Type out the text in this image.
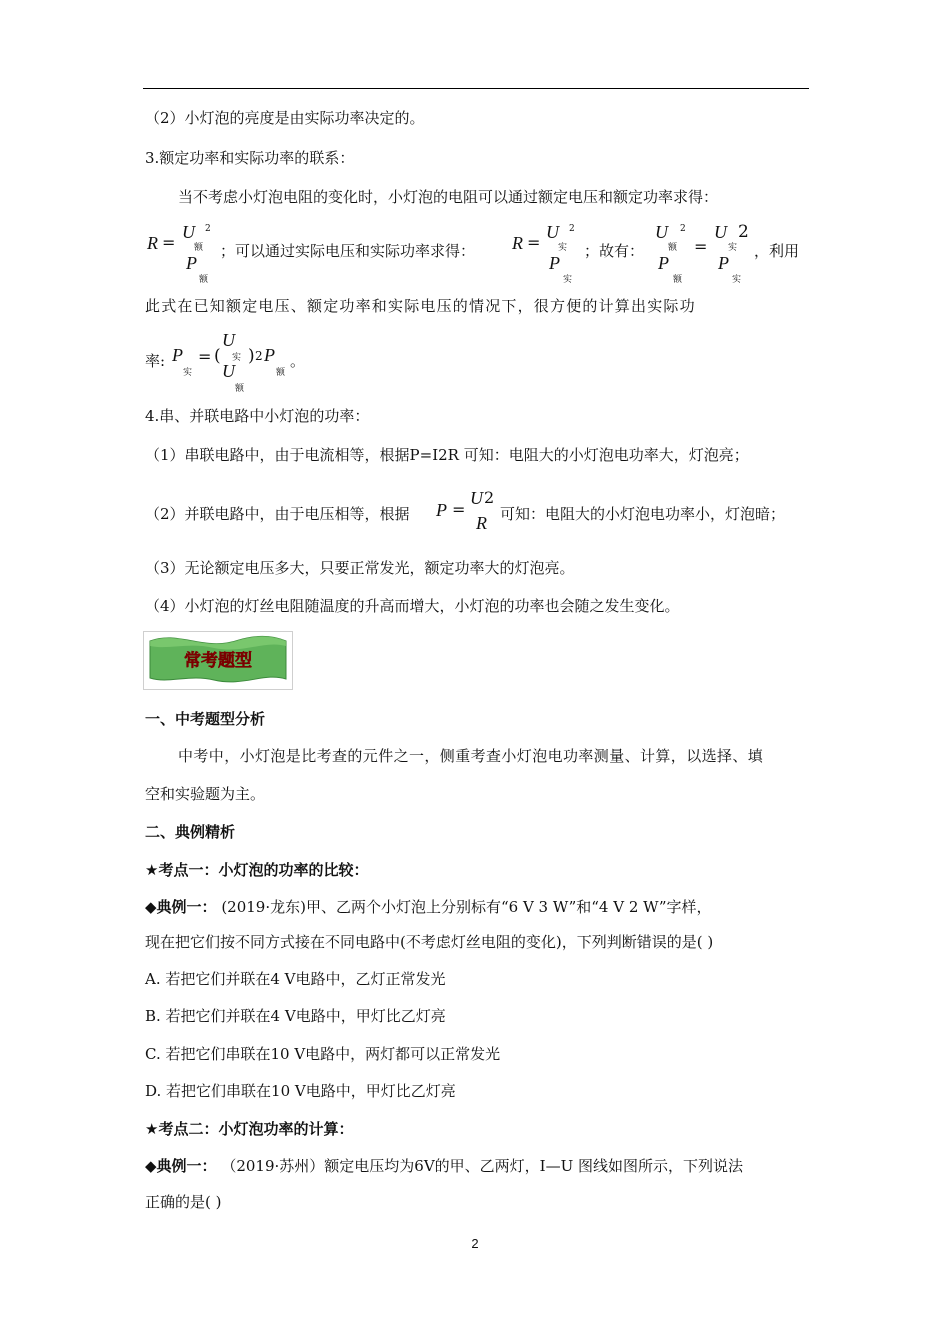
（2）小灯泡的亮度是由实际功率决定的。
3.额定功率和实际功率的联系：
当不考虑小灯泡电阻的变化时，小灯泡的电阻可以通过额定电压和额定功率求得：
R =
U 2
额
P
额
；可以通过实际电压和实际功率求得： R =
U 2
实
P
实
；故有：
U 2
额
P
额
=
U 2
实
P
实
，利用
此式在已知额定电压、额定功率和实际电压的情况下，很方便的计算出实际功
率: P
实
= (
U
实
U
额
) 2 P
额
。
4.串、并联电路中小灯泡的功率：
（1）串联电路中，由于电流相等，根据P=I2R 可知：电阻大的小灯泡电功率大，灯泡亮；
（2）并联电路中，由于电压相等，根据 P =
U 2
R 可知：电阻大的小灯泡电功率小，灯泡暗；
（3）无论额定电压多大，只要正常发光，额定功率大的灯泡亮。
（4）小灯泡的灯丝电阻随温度的升高而增大，小灯泡的功率也会随之发生变化。
常考题型
一、中考题型分析
中考中，小灯泡是比考查的元件之一，侧重考查小灯泡电功率测量、计算，以选择、填
空和实验题为主。
二、典例精析
★考点一：小灯泡的功率的比较：
◆典例一： (2019·龙东)甲、乙两个小灯泡上分别标有“6 V 3 W”和“4 V 2 W”字样，
现在把它们按不同方式接在不同电路中(不考虑灯丝电阻的变化)，下列判断错误的是( )
A. 若把它们并联在4 V电路中，乙灯正常发光
B. 若把它们并联在4 V电路中，甲灯比乙灯亮
C. 若把它们串联在10 V电路中，两灯都可以正常发光
D. 若把它们串联在10 V电路中，甲灯比乙灯亮
★考点二：小灯泡功率的计算：
◆典例一： （2019·苏州）额定电压均为6V的甲、乙两灯，I—U 图线如图所示，下列说法
正确的是( )
2
